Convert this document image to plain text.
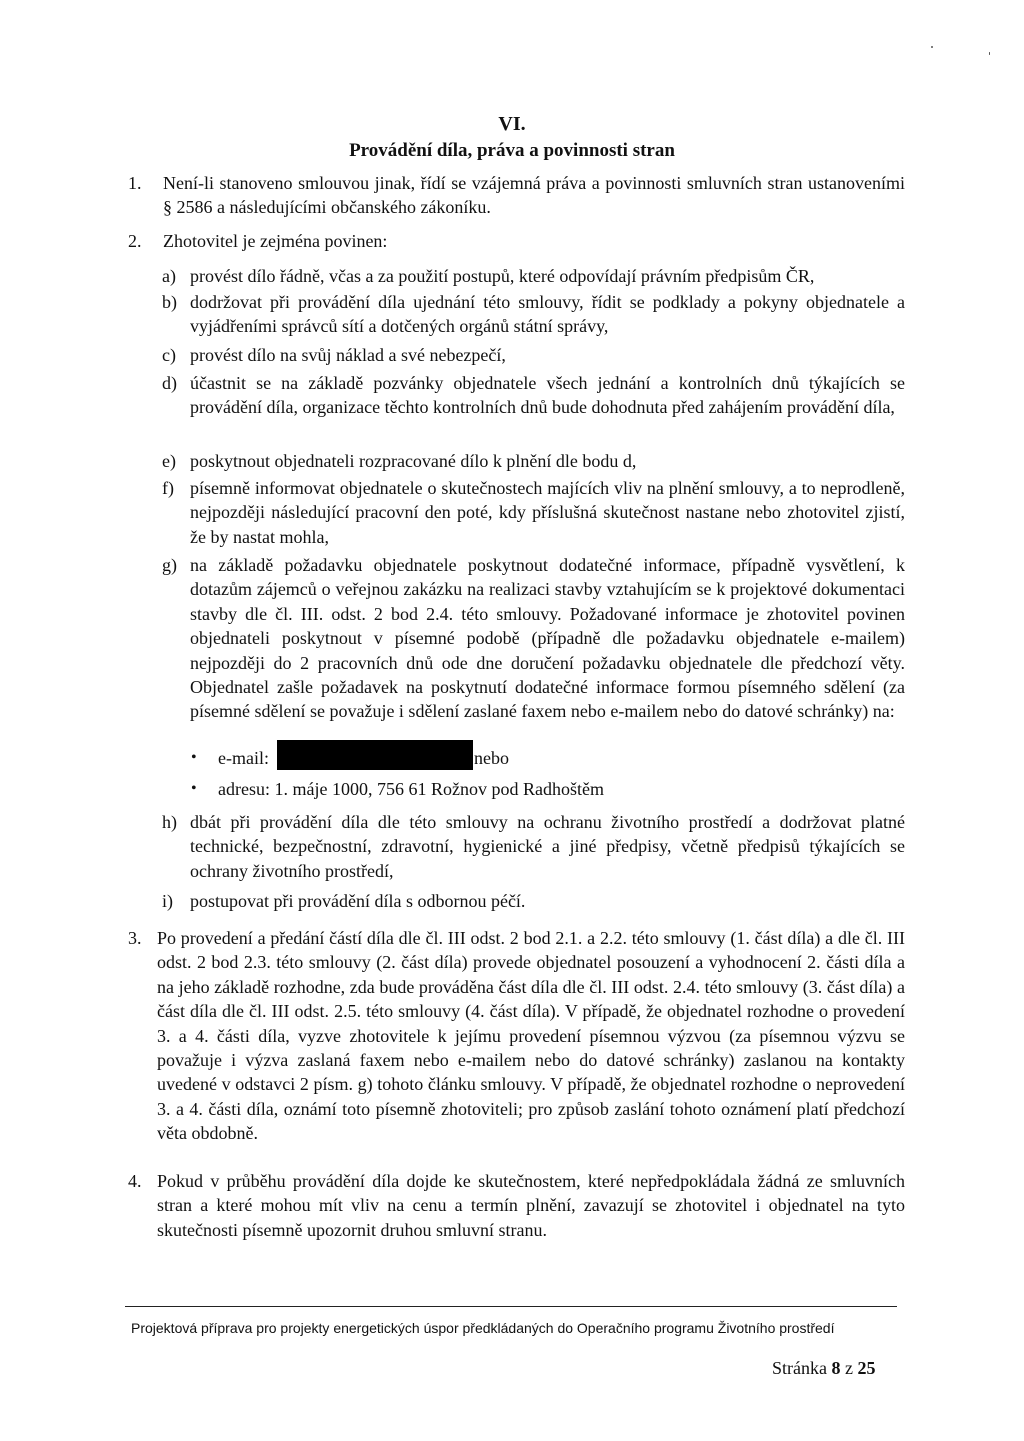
VI.
Provádění díla, práva a povinnosti stran
1. Není-li stanoveno smlouvou jinak, řídí se vzájemná práva a povinnosti smluvních stran ustanoveními § 2586 a následujícími občanského zákoníku.
2. Zhotovitel je zejména povinen:
a) provést dílo řádně, včas a za použití postupů, které odpovídají právním předpisům ČR,
b) dodržovat při provádění díla ujednání této smlouvy, řídit se podklady a pokyny objednatele a vyjádřeními správců sítí a dotčených orgánů státní správy,
c) provést dílo na svůj náklad a své nebezpečí,
d) účastnit se na základě pozvánky objednatele všech jednání a kontrolních dnů týkajících se provádění díla, organizace těchto kontrolních dnů bude dohodnuta před zahájením provádění díla,
e) poskytnout objednateli rozpracované dílo k plnění dle bodu d,
f) písemně informovat objednatele o skutečnostech majících vliv na plnění smlouvy, a to neprodleně, nejpozději následující pracovní den poté, kdy příslušná skutečnost nastane nebo zhotovitel zjistí, že by nastat mohla,
g) na základě požadavku objednatele poskytnout dodatečné informace, případně vysvětlení, k dotazům zájemců o veřejnou zakázku na realizaci stavby vztahujícím se k projektové dokumentaci stavby dle čl. III. odst. 2 bod 2.4. této smlouvy. Požadované informace je zhotovitel povinen objednateli poskytnout v písemné podobě (případně dle požadavku objednatele e-mailem) nejpozději do 2 pracovních dnů ode dne doručení požadavku objednatele dle předchozí věty. Objednatel zašle požadavek na poskytnutí dodatečné informace formou písemného sdělení (za písemné sdělení se považuje i sdělení zaslané faxem nebo e-mailem nebo do datové schránky) na:
• e-mail:	nebo
• adresu: 1. máje 1000, 756 61 Rožnov pod Radhoštěm
h) dbát při provádění díla dle této smlouvy na ochranu životního prostředí a dodržovat platné technické, bezpečnostní, zdravotní, hygienické a jiné předpisy, včetně předpisů týkajících se ochrany životního prostředí,
i) postupovat při provádění díla s odbornou péčí.
3. Po provedení a předání částí díla dle čl. III odst. 2 bod 2.1. a 2.2. této smlouvy (1. část díla) a dle čl. III odst. 2 bod 2.3. této smlouvy (2. část díla) provede objednatel posouzení a vyhodnocení 2. části díla a na jeho základě rozhodne, zda bude prováděna část díla dle čl. III odst. 2.4. této smlouvy (3. část díla) a část díla dle čl. III odst. 2.5. této smlouvy (4. část díla). V případě, že objednatel rozhodne o provedení 3. a 4. části díla, vyzve zhotovitele k jejímu provedení písemnou výzvou (za písemnou výzvu se považuje i výzva zaslaná faxem nebo e-mailem nebo do datové schránky) zaslanou na kontakty uvedené v odstavci 2 písm. g) tohoto článku smlouvy. V případě, že objednatel rozhodne o neprovedení 3. a 4. části díla, oznámí toto písemně zhotoviteli; pro způsob zaslání tohoto oznámení platí předchozí věta obdobně.
4. Pokud v průběhu provádění díla dojde ke skutečnostem, které nepředpokládala žádná ze smluvních stran a které mohou mít vliv na cenu a termín plnění, zavazují se zhotovitel i objednatel na tyto skutečnosti písemně upozornit druhou smluvní stranu.
Projektová příprava pro projekty energetických úspor předkládaných do Operačního programu Životního prostředí
Stránka 8 z 25
